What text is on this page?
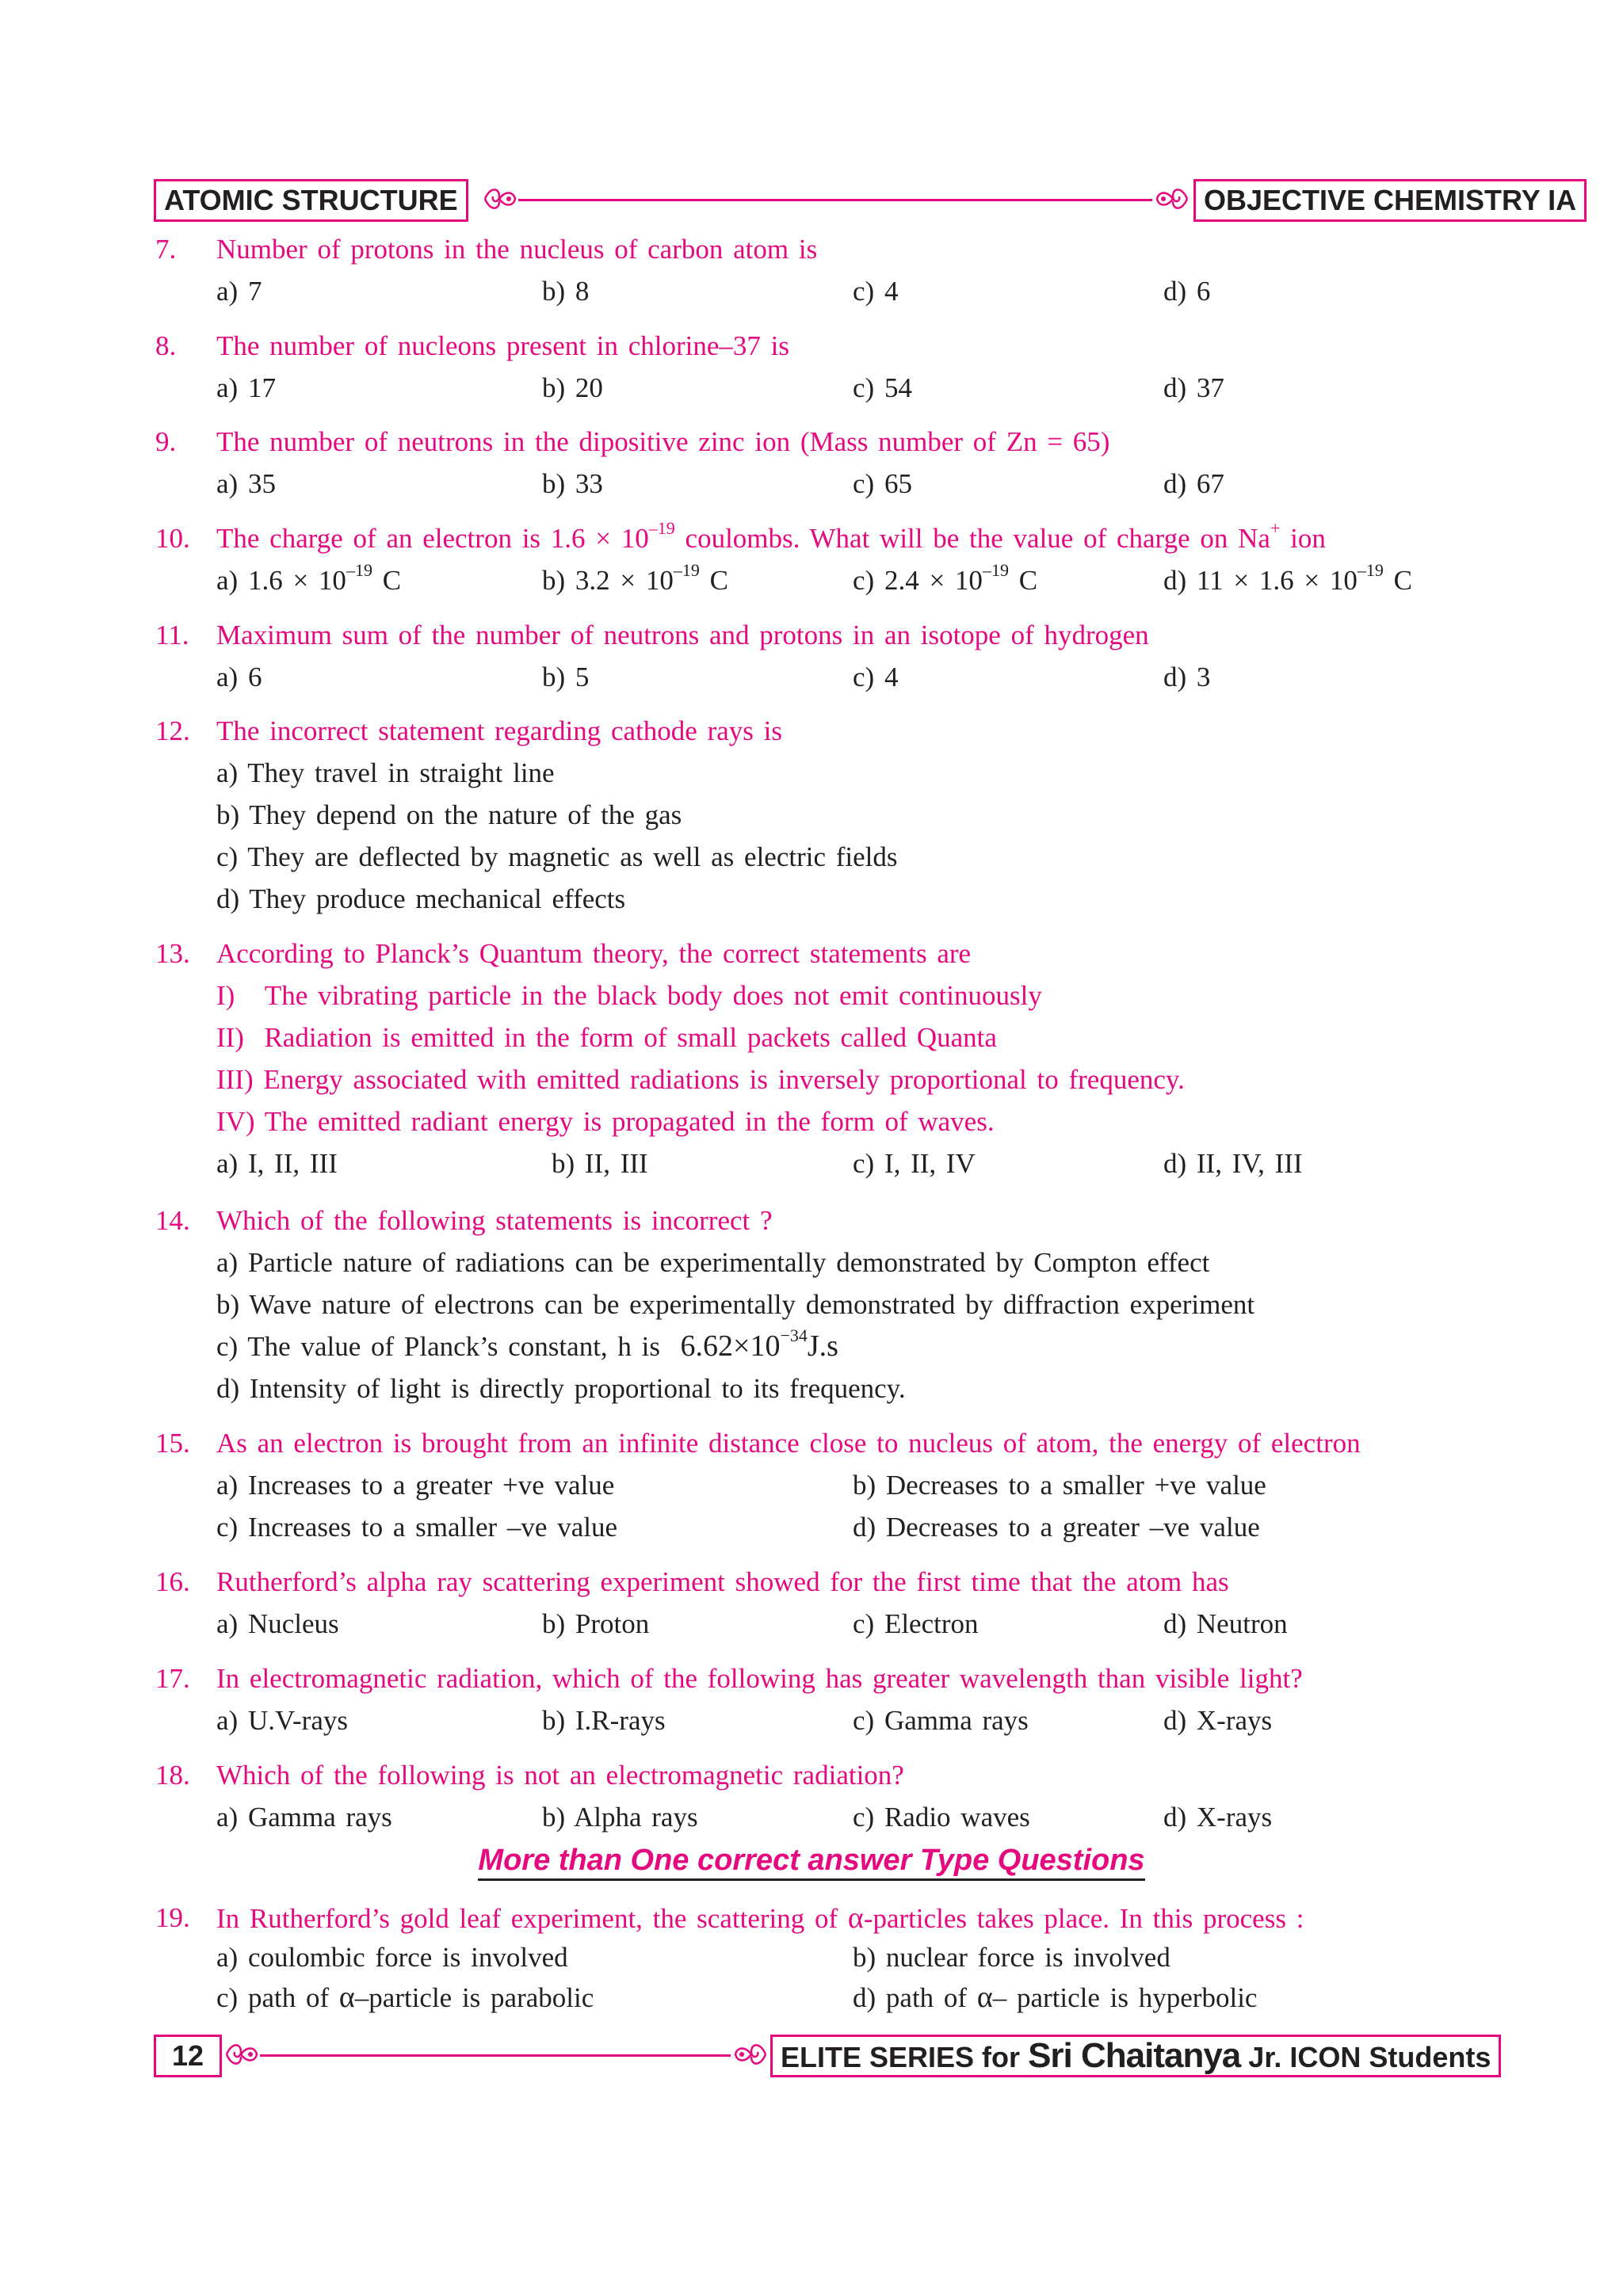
ATOMIC STRUCTURE	OBJECTIVE CHEMISTRY IA
7. Number of protons in the nucleus of carbon atom is
a) 7	b) 8	c) 4	d) 6
8. The number of nucleons present in chlorine–37 is
a) 17	b) 20	c) 54	d) 37
9. The number of neutrons in the dipositive zinc ion (Mass number of Zn = 65)
a) 35	b) 33	c) 65	d) 67
10. The charge of an electron is $1.6 \times 10^{-19}$ coulombs. What will be the value of charge on Na+ ion
a) $1.6 \times 10^{-19}$ C	b) $3.2 \times 10^{-19}$ C	c) $2.4 \times 10^{-19}$ C	d) $11 \times 1.6 \times 10^{-19}$ C
11. Maximum sum of the number of neutrons and protons in an isotope of hydrogen
a) 6	b) 5	c) 4	d) 3
12. The incorrect statement regarding cathode rays is
a) They travel in straight line
b) They depend on the nature of the gas
c) They are deflected by magnetic as well as electric fields
d) They produce mechanical effects
13. According to Planck’s Quantum theory, the correct statements are
I)   The vibrating particle in the black body does not emit continuously
II)  Radiation is emitted in the form of small packets called Quanta
III) Energy associated with emitted radiations is inversely proportional to frequency.
IV) The emitted radiant energy is propagated in the form of waves.
a) I, II, III	b) II, III	c) I, II, IV	d) II, IV, III
14. Which of the following statements is incorrect ?
a) Particle nature of radiations can be experimentally demonstrated by Compton effect
b) Wave nature of electrons can be experimentally demonstrated by diffraction experiment
c) The value of Planck’s constant, h is $6.62\times 10^{-34}J.s$
d) Intensity of light is directly proportional to its frequency.
15. As an electron is brought from an infinite distance close to nucleus of atom, the energy of electron
a) Increases to a greater +ve value	b) Decreases to a smaller +ve value
c) Increases to a smaller –ve value	d) Decreases to a greater –ve value
16. Rutherford’s alpha ray scattering experiment showed for the first time that the atom has
a) Nucleus	b) Proton	c) Electron	d) Neutron
17. In electromagnetic radiation, which of the following has greater wavelength than visible light?
a) U.V-rays	b) I.R-rays	c) Gamma rays	d) X-rays
18. Which of the following is not an electromagnetic radiation?
a) Gamma rays	b) Alpha rays	c) Radio waves	d) X-rays
More than One correct answer Type Questions
19. In Rutherford’s gold leaf experiment, the scattering of α-particles takes place. In this process :
a) coulombic force is involved	b) nuclear force is involved
c) path of α–particle is parabolic	d) path of α– particle is hyperbolic
12	ELITE SERIES for Sri Chaitanya Jr. ICON Students
